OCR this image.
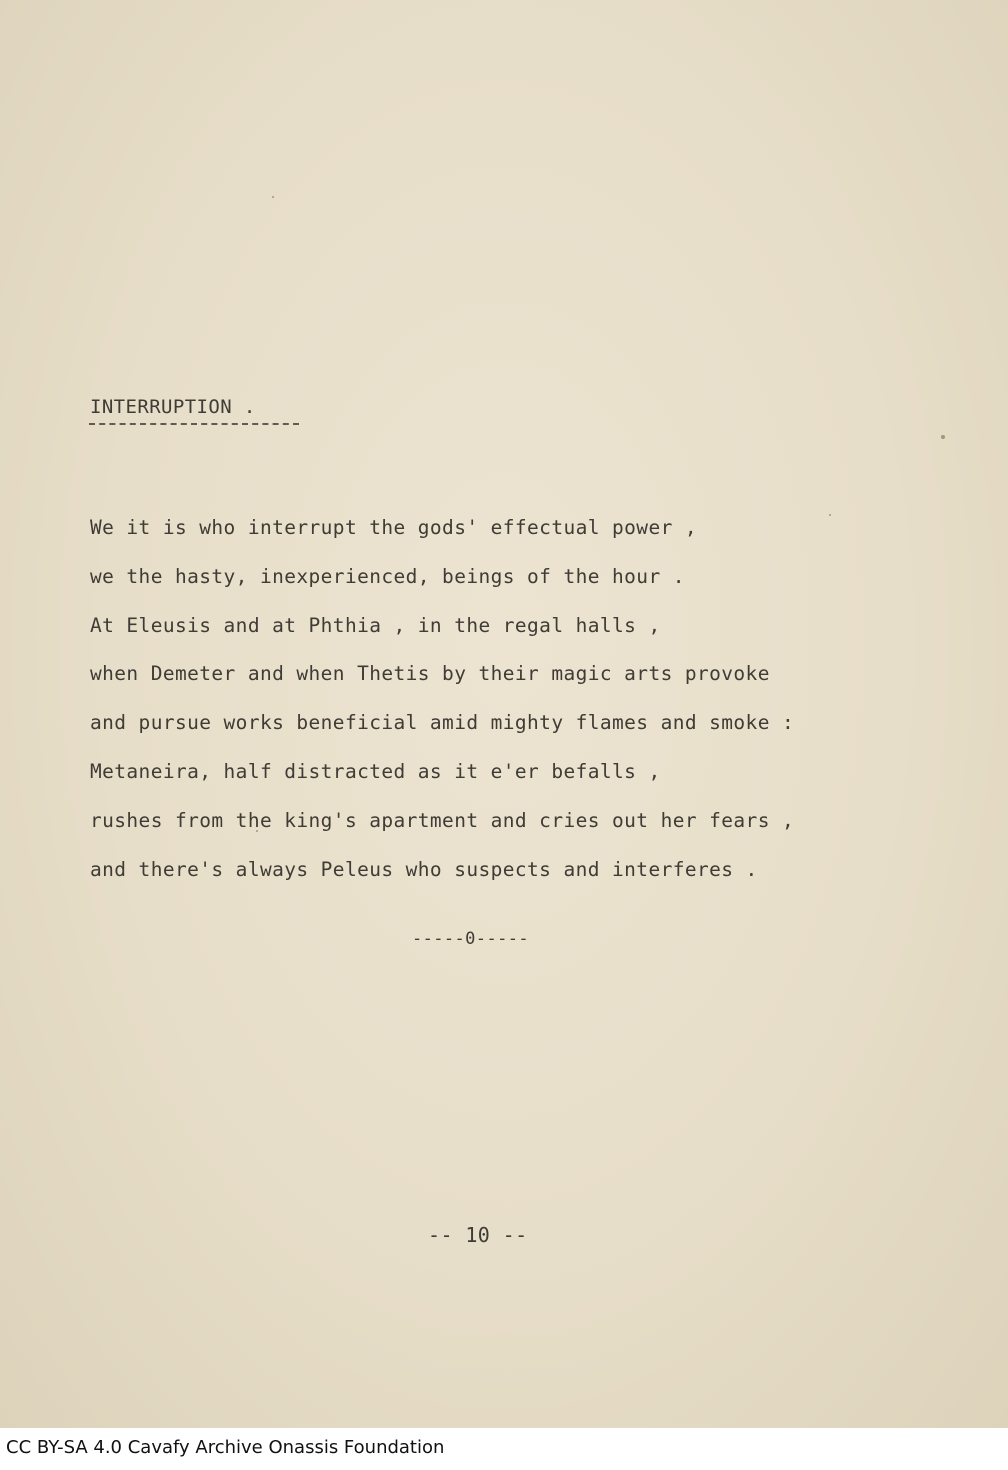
INTERRUPTION .
We it is who interrupt the gods' effectual power ,
we the hasty, inexperienced, beings of the hour .
At Eleusis and at Phthia , in the regal halls ,
when Demeter and when Thetis by their magic arts provoke
and pursue works beneficial amid mighty flames and smoke :
Metaneira, half distracted as it e'er befalls ,
rushes from the king's apartment and cries out her fears ,
and there's always Peleus who suspects and interferes .
-----0-----
-- 10 --
CC BY-SA 4.0 Cavafy Archive Onassis Foundation
